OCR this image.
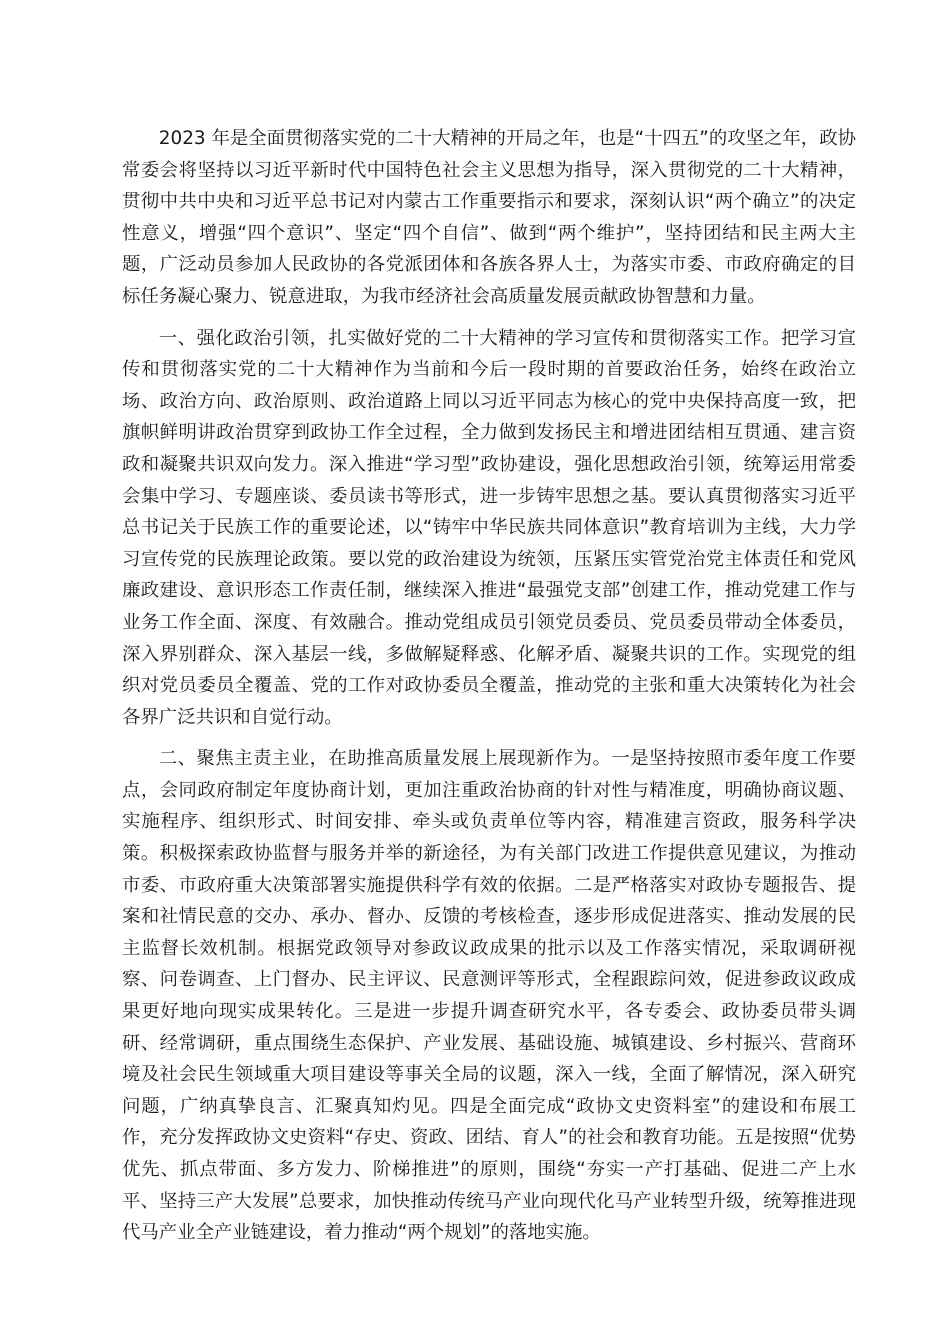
2023 年是全面贯彻落实党的二十大精神的开局之年，也是“十四五”的攻坚之年，政协常委会将坚持以习近平新时代中国特色社会主义思想为指导，深入贯彻党的二十大精神，贯彻中共中央和习近平总书记对内蒙古工作重要指示和要求，深刻认识“两个确立”的决定性意义，增强“四个意识”、坚定“四个自信”、做到“两个维护”，坚持团结和民主两大主题，广泛动员参加人民政协的各党派团体和各族各界人士，为落实市委、市政府确定的目标任务凝心聚力、锐意进取，为我市经济社会高质量发展贡献政协智慧和力量。

一、强化政治引领，扎实做好党的二十大精神的学习宣传和贯彻落实工作。把学习宣传和贯彻落实党的二十大精神作为当前和今后一段时期的首要政治任务，始终在政治立场、政治方向、政治原则、政治道路上同以习近平同志为核心的党中央保持高度一致，把旗帜鲜明讲政治贯穿到政协工作全过程，全力做到发扬民主和增进团结相互贯通、建言资政和凝聚共识双向发力。深入推进“学习型”政协建设，强化思想政治引领，统筹运用常委会集中学习、专题座谈、委员读书等形式，进一步铸牢思想之基。要认真贯彻落实习近平总书记关于民族工作的重要论述，以“铸牢中华民族共同体意识”教育培训为主线，大力学习宣传党的民族理论政策。要以党的政治建设为统领，压紧压实管党治党主体责任和党风廉政建设、意识形态工作责任制，继续深入推进“最强党支部”创建工作，推动党建工作与业务工作全面、深度、有效融合。推动党组成员引领党员委员、党员委员带动全体委员，深入界别群众、深入基层一线，多做解疑释惑、化解矛盾、凝聚共识的工作。实现党的组织对党员委员全覆盖、党的工作对政协委员全覆盖，推动党的主张和重大决策转化为社会各界广泛共识和自觉行动。

二、聚焦主责主业，在助推高质量发展上展现新作为。一是坚持按照市委年度工作要点，会同政府制定年度协商计划，更加注重政治协商的针对性与精准度，明确协商议题、实施程序、组织形式、时间安排、牵头或负责单位等内容，精准建言资政，服务科学决策。积极探索政协监督与服务并举的新途径，为有关部门改进工作提供意见建议，为推动市委、市政府重大决策部署实施提供科学有效的依据。二是严格落实对政协专题报告、提案和社情民意的交办、承办、督办、反馈的考核检查，逐步形成促进落实、推动发展的民主监督长效机制。根据党政领导对参政议政成果的批示以及工作落实情况，采取调研视察、问卷调查、上门督办、民主评议、民意测评等形式，全程跟踪问效，促进参政议政成果更好地向现实成果转化。三是进一步提升调查研究水平，各专委会、政协委员带头调研、经常调研，重点围绕生态保护、产业发展、基础设施、城镇建设、乡村振兴、营商环境及社会民生领域重大项目建设等事关全局的议题，深入一线，全面了解情况，深入研究问题，广纳真挚良言、汇聚真知灼见。四是全面完成“政协文史资料室”的建设和布展工作，充分发挥政协文史资料“存史、资政、团结、育人”的社会和教育功能。五是按照“优势优先、抓点带面、多方发力、阶梯推进”的原则，围绕“夯实一产打基础、促进二产上水平、坚持三产大发展”总要求，加快推动传统马产业向现代化马产业转型升级，统筹推进现代马产业全产业链建设，着力推动“两个规划”的落地实施。
